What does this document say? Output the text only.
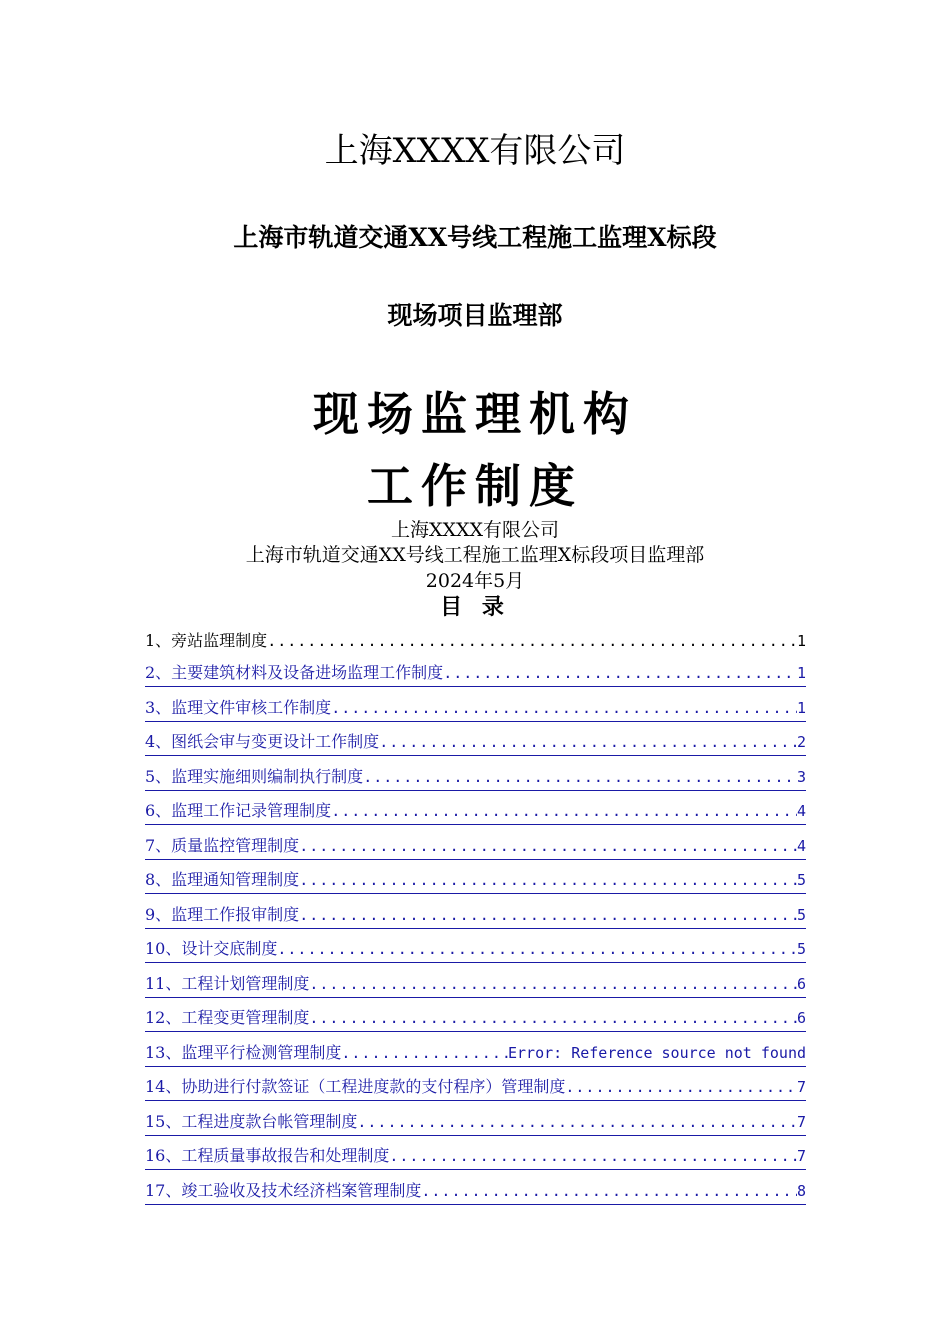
上海XXXX有限公司
上海市轨道交通XX号线工程施工监理X标段
现场项目监理部
现场监理机构
工作制度
上海XXXX有限公司
上海市轨道交通XX号线工程施工监理X标段项目监理部
2024年5月
目 录
1、旁站监理制度 .....	1
2、主要建筑材料及设备进场监理工作制度 .....	1
3、监理文件审核工作制度 .....	1
4、图纸会审与变更设计工作制度 .....	2
5、监理实施细则编制执行制度 .....	3
6、监理工作记录管理制度 .....	4
7、质量监控管理制度 .....	4
8、监理通知管理制度 .....	5
9、监理工作报审制度 .....	5
10、设计交底制度 .....	5
11、工程计划管理制度 .....	6
12、工程变更管理制度 .....	6
13、监理平行检测管理制度 .....	Error: Reference source not found
14、协助进行付款签证（工程进度款的支付程序）管理制度 .....	7
15、工程进度款台帐管理制度 .....	7
16、工程质量事故报告和处理制度 .....	7
17、竣工验收及技术经济档案管理制度 .....	8
